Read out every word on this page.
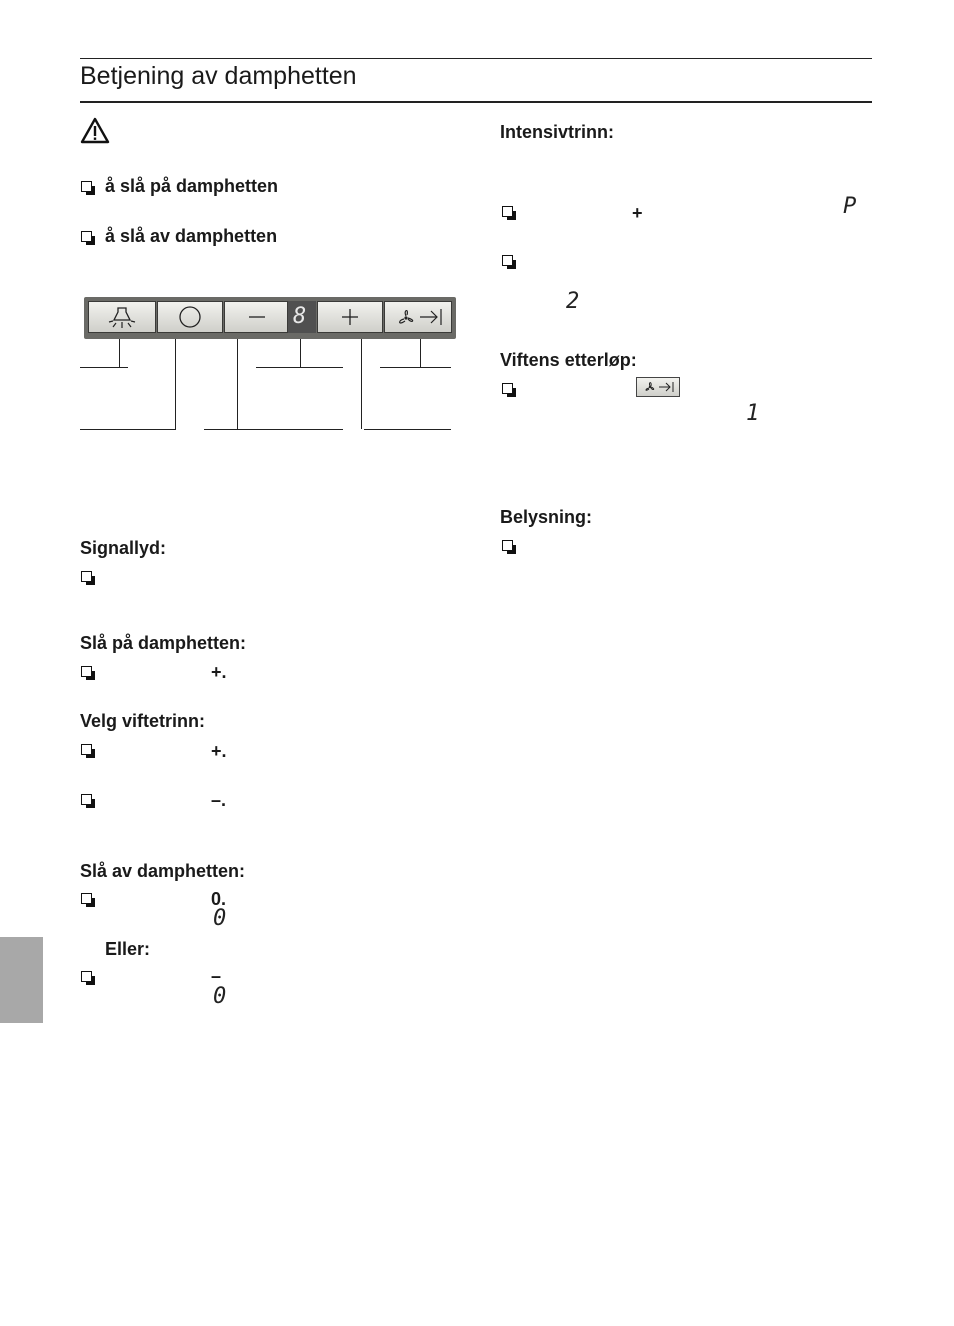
Betjening av damphetten
å slå på damphetten
å slå av damphetten
8
Signallyd:
Slå på damphetten:
+.
Velg viftetrinn:
+.
–.
Slå av damphetten:
0.
0
Eller:
–
0
Intensivtrinn:
+	P
2
Viftens etterløp:
1
Belysning:
